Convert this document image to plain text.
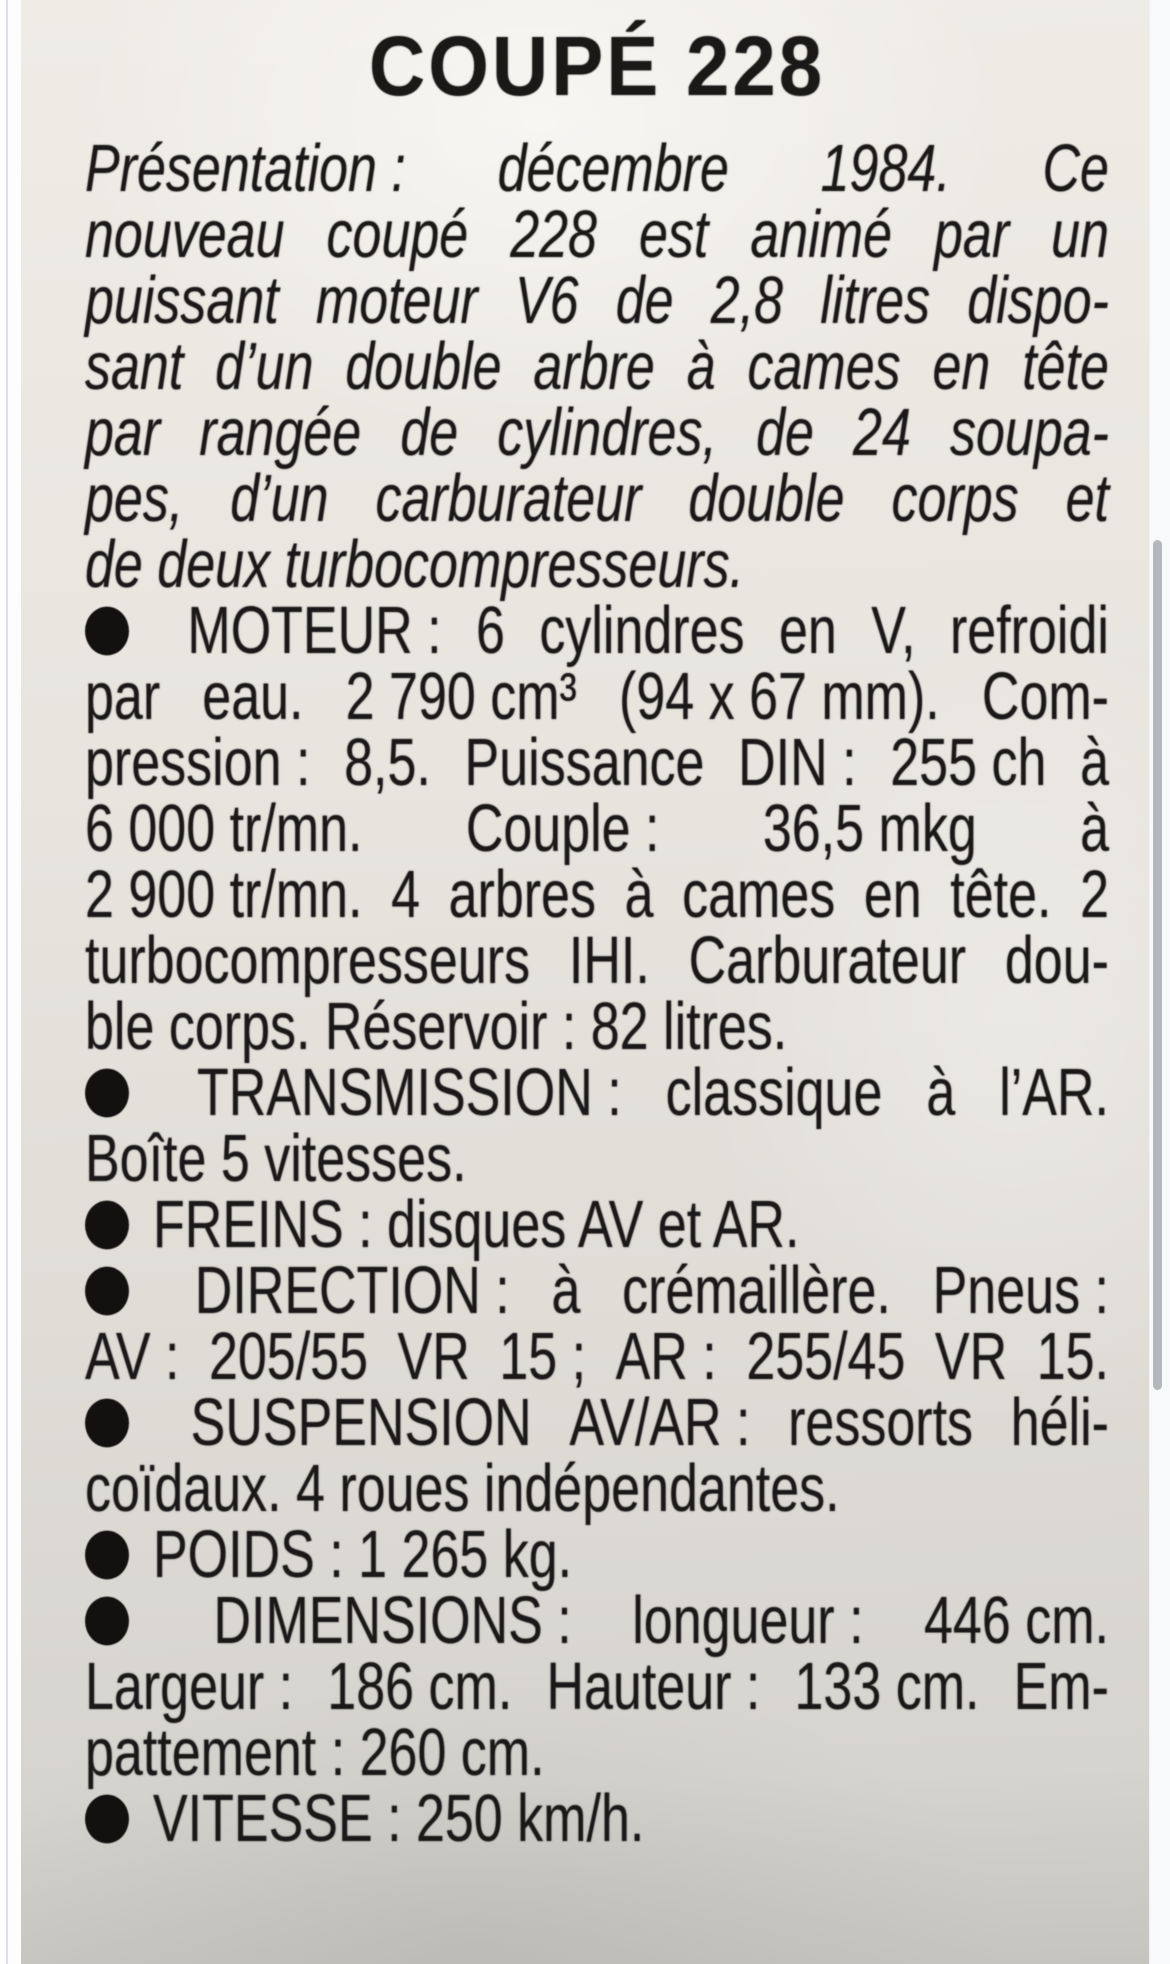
COUPÉ 228
Présentation : décembre 1984. Ce
nouveau coupé 228 est animé par un
puissant moteur V6 de 2,8 litres dispo-
sant d’un double arbre à cames en tête
par rangée de cylindres, de 24 soupa-
pes, d’un carburateur double corps et
de deux turbocompresseurs.
MOTEUR : 6 cylindres en V, refroidi
par eau. 2 790 cm³ (94 x 67 mm). Com-
pression : 8,5. Puissance DIN : 255 ch à
6 000 tr/mn. Couple : 36,5 mkg à
2 900 tr/mn. 4 arbres à cames en tête. 2
turbocompresseurs IHI. Carburateur dou-
ble corps. Réservoir : 82 litres.
TRANSMISSION : classique à l’AR.
Boîte 5 vitesses.
FREINS : disques AV et AR.
DIRECTION : à crémaillère. Pneus :
AV : 205/55 VR 15 ; AR : 255/45 VR 15.
SUSPENSION AV/AR : ressorts héli-
coïdaux. 4 roues indépendantes.
POIDS : 1 265 kg.
DIMENSIONS : longueur : 446 cm.
Largeur : 186 cm. Hauteur : 133 cm. Em-
pattement : 260 cm.
VITESSE : 250 km/h.
